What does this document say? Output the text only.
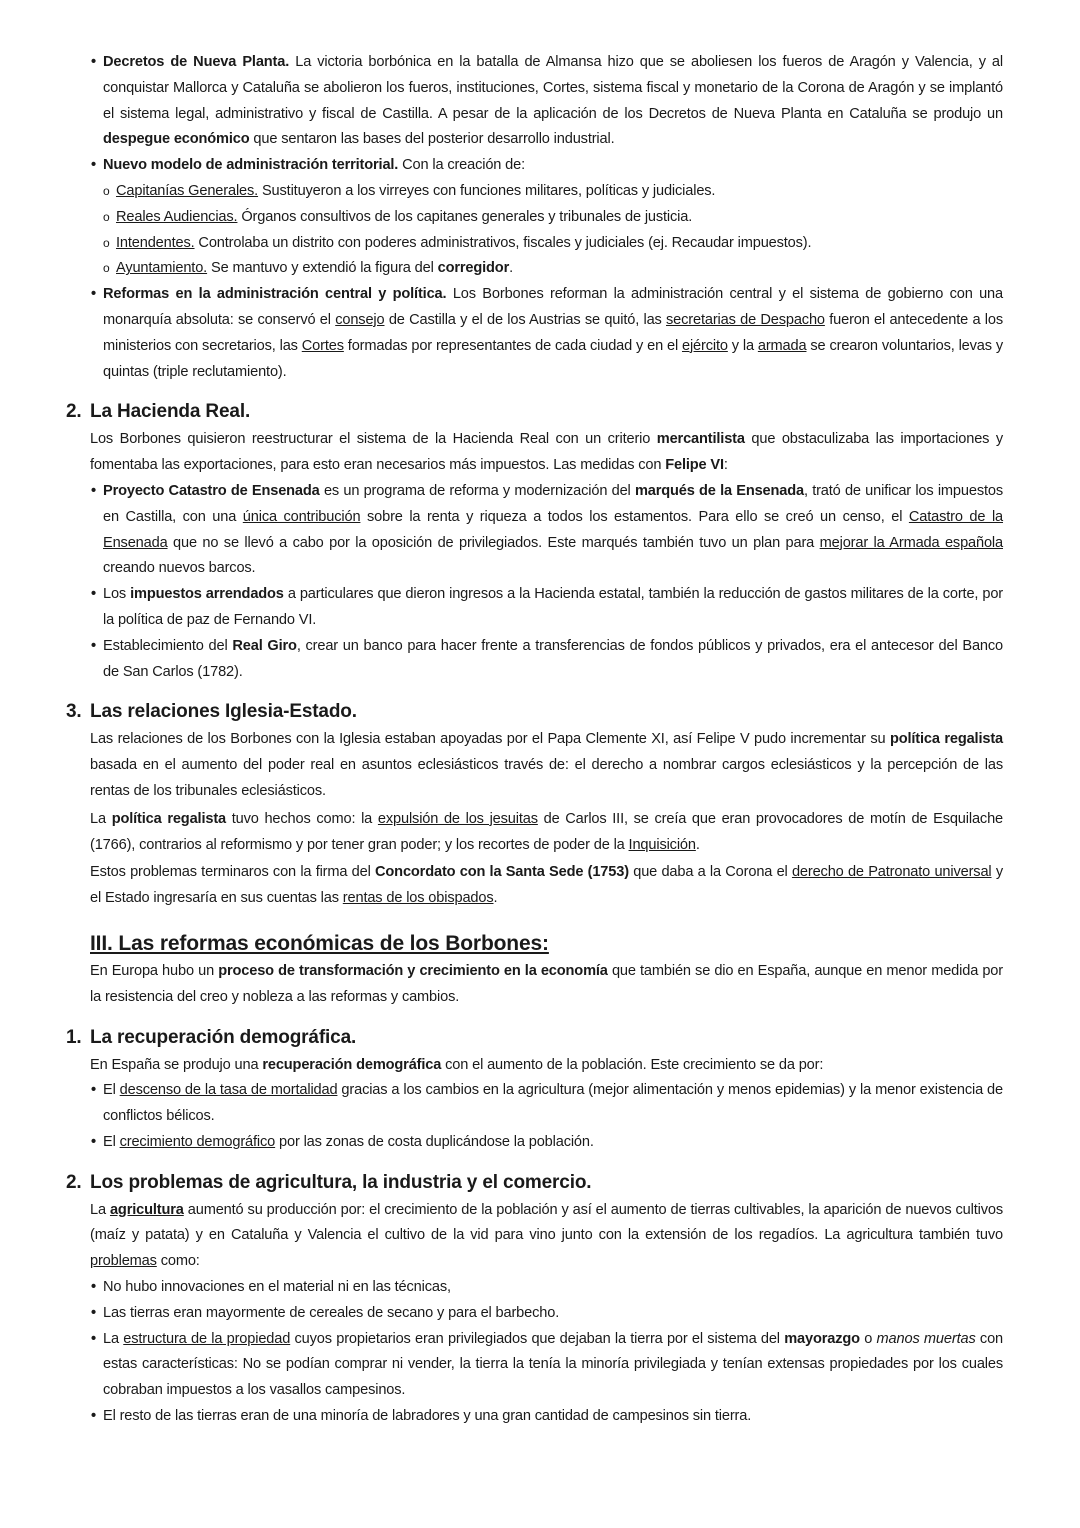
• Decretos de Nueva Planta. La victoria borbónica en la batalla de Almansa hizo que se aboliesen los fueros de Aragón y Valencia, y al conquistar Mallorca y Cataluña se abolieron los fueros, instituciones, Cortes, sistema fiscal y monetario de la Corona de Aragón y se implantó el sistema legal, administrativo y fiscal de Castilla. A pesar de la aplicación de los Decretos de Nueva Planta en Cataluña se produjo un despegue económico que sentaron las bases del posterior desarrollo industrial.
• Nuevo modelo de administración territorial. Con la creación de:
o Capitanías Generales. Sustituyeron a los virreyes con funciones militares, políticas y judiciales.
o Reales Audiencias. Órganos consultivos de los capitanes generales y tribunales de justicia.
o Intendentes. Controlaba un distrito con poderes administrativos, fiscales y judiciales (ej. Recaudar impuestos).
o Ayuntamiento. Se mantuvo y extendió la figura del corregidor.
• Reformas en la administración central y política. Los Borbones reforman la administración central y el sistema de gobierno con una monarquía absoluta: se conservó el consejo de Castilla y el de los Austrias se quitó, las secretarias de Despacho fueron el antecedente a los ministerios con secretarios, las Cortes formadas por representantes de cada ciudad y en el ejército y la armada se crearon voluntarios, levas y quintas (triple reclutamiento).
2. La Hacienda Real.
Los Borbones quisieron reestructurar el sistema de la Hacienda Real con un criterio mercantilista que obstaculizaba las importaciones y fomentaba las exportaciones, para esto eran necesarios más impuestos. Las medidas con Felipe VI:
• Proyecto Catastro de Ensenada es un programa de reforma y modernización del marqués de la Ensenada, trató de unificar los impuestos en Castilla, con una única contribución sobre la renta y riqueza a todos los estamentos. Para ello se creó un censo, el Catastro de la Ensenada que no se llevó a cabo por la oposición de privilegiados. Este marqués también tuvo un plan para mejorar la Armada española creando nuevos barcos.
• Los impuestos arrendados a particulares que dieron ingresos a la Hacienda estatal, también la reducción de gastos militares de la corte, por la política de paz de Fernando VI.
• Establecimiento del Real Giro, crear un banco para hacer frente a transferencias de fondos públicos y privados, era el antecesor del Banco de San Carlos (1782).
3. Las relaciones Iglesia-Estado.
Las relaciones de los Borbones con la Iglesia estaban apoyadas por el Papa Clemente XI, así Felipe V pudo incrementar su política regalista basada en el aumento del poder real en asuntos eclesiásticos través de: el derecho a nombrar cargos eclesiásticos y la percepción de las rentas de los tribunales eclesiásticos.
La política regalista tuvo hechos como: la expulsión de los jesuitas de Carlos III, se creía que eran provocadores de motín de Esquilache (1766), contrarios al reformismo y por tener gran poder; y los recortes de poder de la Inquisición.
Estos problemas terminaros con la firma del Concordato con la Santa Sede (1753) que daba a la Corona el derecho de Patronato universal y el Estado ingresaría en sus cuentas las rentas de los obispados.
III. Las reformas económicas de los Borbones:
En Europa hubo un proceso de transformación y crecimiento en la economía que también se dio en España, aunque en menor medida por la resistencia del creo y nobleza a las reformas y cambios.
1. La recuperación demográfica.
En España se produjo una recuperación demográfica con el aumento de la población. Este crecimiento se da por:
• El descenso de la tasa de mortalidad gracias a los cambios en la agricultura (mejor alimentación y menos epidemias) y la menor existencia de conflictos bélicos.
• El crecimiento demográfico por las zonas de costa duplicándose la población.
2. Los problemas de agricultura, la industria y el comercio.
La agricultura aumentó su producción por: el crecimiento de la población y así el aumento de tierras cultivables, la aparición de nuevos cultivos (maíz y patata) y en Cataluña y Valencia el cultivo de la vid para vino junto con la extensión de los regadíos. La agricultura también tuvo problemas como:
• No hubo innovaciones en el material ni en las técnicas,
• Las tierras eran mayormente de cereales de secano y para el barbecho.
• La estructura de la propiedad cuyos propietarios eran privilegiados que dejaban la tierra por el sistema del mayorazgo o manos muertas con estas características: No se podían comprar ni vender, la tierra la tenía la minoría privilegiada y tenían extensas propiedades por los cuales cobraban impuestos a los vasallos campesinos.
• El resto de las tierras eran de una minoría de labradores y una gran cantidad de campesinos sin tierra.
